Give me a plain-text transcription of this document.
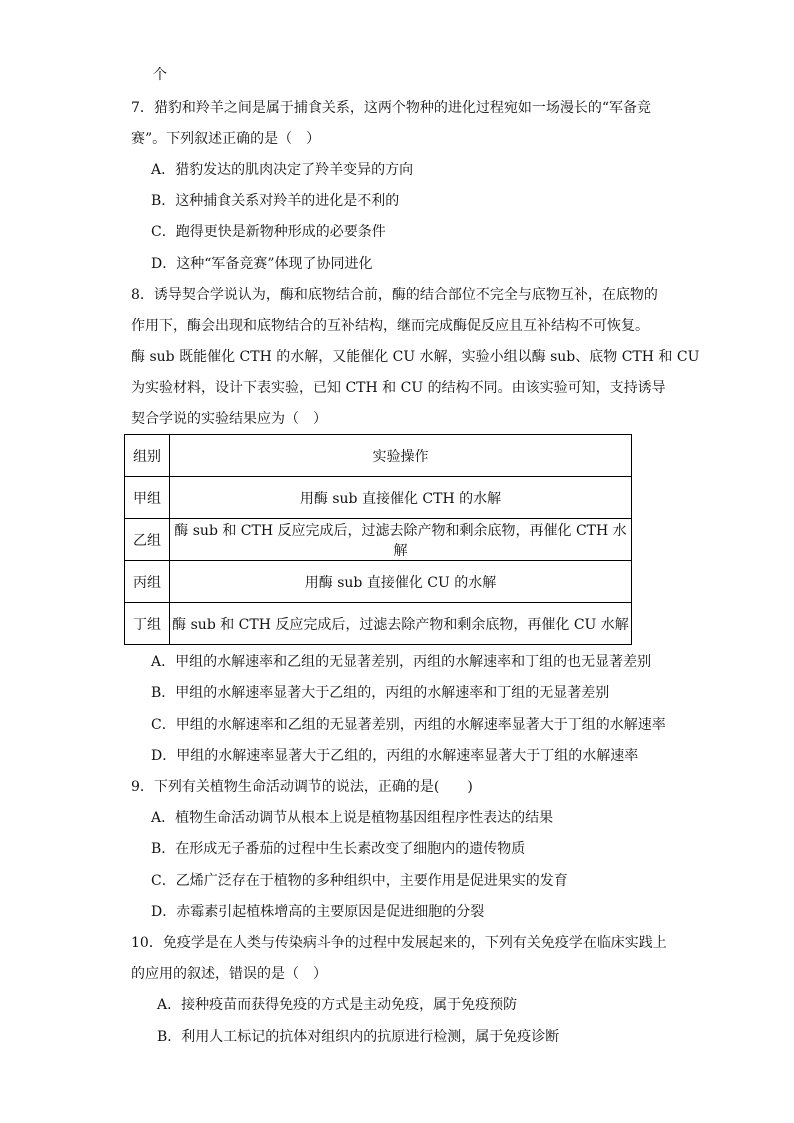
个
7．猎豹和羚羊之间是属于捕食关系，这两个物种的进化过程宛如一场漫长的“军备竞
赛”。下列叙述正确的是（　）
A．猎豹发达的肌肉决定了羚羊变异的方向
B．这种捕食关系对羚羊的进化是不利的
C．跑得更快是新物种形成的必要条件
D．这种“军备竞赛”体现了协同进化
8．诱导契合学说认为，酶和底物结合前，酶的结合部位不完全与底物互补，在底物的
作用下，酶会出现和底物结合的互补结构，继而完成酶促反应且互补结构不可恢复。
酶 sub 既能催化 CTH 的水解，又能催化 CU 水解，实验小组以酶 sub、底物 CTH 和 CU
为实验材料，设计下表实验，已知 CTH 和 CU 的结构不同。由该实验可知，支持诱导
契合学说的实验结果应为（　）
组别	实验操作
甲组	用酶 sub 直接催化 CTH 的水解
乙组	酶 sub 和 CTH 反应完成后，过滤去除产物和剩余底物，再催化 CTH 水解
丙组	用酶 sub 直接催化 CU 的水解
丁组	酶 sub 和 CTH 反应完成后，过滤去除产物和剩余底物，再催化 CU 水解
A．甲组的水解速率和乙组的无显著差别，丙组的水解速率和丁组的也无显著差别
B．甲组的水解速率显著大于乙组的，丙组的水解速率和丁组的无显著差别
C．甲组的水解速率和乙组的无显著差别，丙组的水解速率显著大于丁组的水解速率
D．甲组的水解速率显著大于乙组的，丙组的水解速率显著大于丁组的水解速率
9．下列有关植物生命活动调节的说法，正确的是(　　)
A．植物生命活动调节从根本上说是植物基因组程序性表达的结果
B．在形成无子番茄的过程中生长素改变了细胞内的遗传物质
C．乙烯广泛存在于植物的多种组织中，主要作用是促进果实的发育
D．赤霉素引起植株增高的主要原因是促进细胞的分裂
10．免疫学是在人类与传染病斗争的过程中发展起来的，下列有关免疫学在临床实践上
的应用的叙述，错误的是（　）
A．接种疫苗而获得免疫的方式是主动免疫，属于免疫预防
B．利用人工标记的抗体对组织内的抗原进行检测，属于免疫诊断
